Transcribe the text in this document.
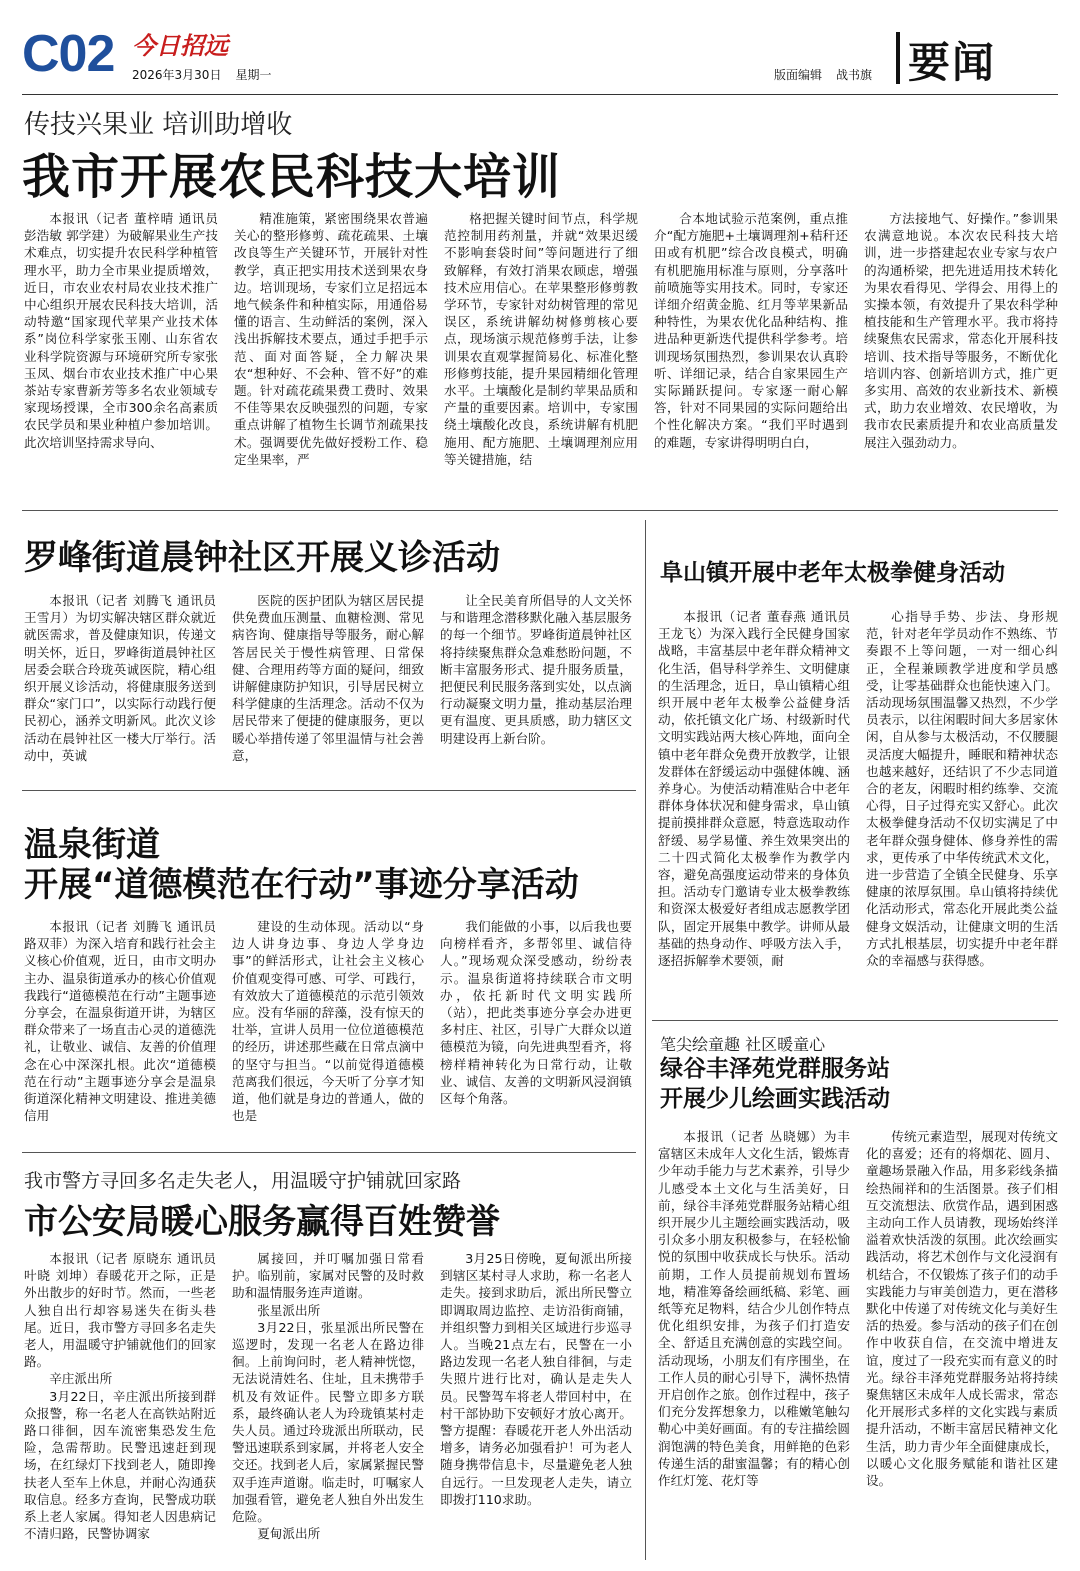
C02 今日招远
2026年3月30日 星期一	版面编辑 战书旗 要闻
传技兴果业 培训助增收
我市开展农民科技大培训

本报讯（记者 董梓晴 通讯员 彭浩敏 郭学建）为破解果业生产技术难点，切实提升农民科学种植管理水平，助力全市果业提质增效，近日，市农业农村局农业技术推广中心组织开展农民科技大培训，活动特邀“国家现代苹果产业技术体系”岗位科学家张玉刚、山东省农业科学院资源与环境研究所专家张玉凤、烟台市农业技术推广中心果茶站专家曹新芳等多名农业领域专家现场授课，全市300余名高素质农民学员和果业种植户参加培训。此次培训坚持需求导向、

精准施策，紧密围绕果农普遍关心的整形修剪、疏花疏果、土壤改良等生产关键环节，开展针对性教学，真正把实用技术送到果农身边。培训现场，专家们立足招远本地气候条件和种植实际，用通俗易懂的语言、生动鲜活的案例，深入浅出拆解技术要点，通过手把手示范、面对面答疑，全力解决果农“想种好、不会种、管不好”的难题。针对疏花疏果费工费时、效果不佳等果农反映强烈的问题，专家重点讲解了植物生长调节剂疏果技术。强调要优先做好授粉工作、稳定坐果率，严

格把握关键时间节点，科学规范控制用药剂量，并就“效果迟缓不影响套袋时间”等问题进行了细致解释，有效打消果农顾虑，增强技术应用信心。在苹果整形修剪教学环节，专家针对幼树管理的常见误区，系统讲解幼树修剪核心要点，现场演示规范修剪手法，让参训果农直观掌握简易化、标准化整形修剪技能，提升果园精细化管理水平。土壤酸化是制约苹果品质和产量的重要因素。培训中，专家围绕土壤酸化改良，系统讲解有机肥施用、配方施肥、土壤调理剂应用等关键措施，结

合本地试验示范案例，重点推介“配方施肥+土壤调理剂+秸秆还田或有机肥”综合改良模式，明确有机肥施用标准与原则，分享落叶前喷施等实用技术。同时，专家还详细介绍黄金脆、红月等苹果新品种特性，为果农优化品种结构、推进品种更新迭代提供科学参考。培训现场氛围热烈，参训果农认真聆听、详细记录，结合自家果园生产实际踊跃提问。专家逐一耐心解答，针对不同果园的实际问题给出个性化解决方案。“我们平时遇到的难题，专家讲得明明白白，

方法接地气、好操作。”参训果农满意地说。本次农民科技大培训，进一步搭建起农业专家与农户的沟通桥梁，把先进适用技术转化为果农看得见、学得会、用得上的实操本领，有效提升了果农科学种植技能和生产管理水平。我市将持续聚焦农民需求，常态化开展科技培训、技术指导等服务，不断优化培训内容、创新培训方式，推广更多实用、高效的农业新技术、新模式，助力农业增效、农民增收，为我市农民素质提升和农业高质量发展注入强劲动力。

罗峰街道晨钟社区开展义诊活动

本报讯（记者 刘腾飞 通讯员 王雪月）为切实解决辖区群众就近就医需求，普及健康知识，传递文明关怀，近日，罗峰街道晨钟社区居委会联合玲珑英诚医院，精心组织开展义诊活动，将健康服务送到群众“家门口”，以实际行动践行便民初心，涵养文明新风。此次义诊活动在晨钟社区一楼大厅举行。活动中，英诚

医院的医护团队为辖区居民提供免费血压测量、血糖检测、常见病咨询、健康指导等服务，耐心解答居民关于慢性病管理、日常保健、合理用药等方面的疑问，细致讲解健康防护知识，引导居民树立科学健康的生活理念。活动不仅为居民带来了便捷的健康服务，更以暖心举措传递了邻里温情与社会善意，

让全民美育所倡导的人文关怀与和谐理念潜移默化融入基层服务的每一个细节。罗峰街道晨钟社区将持续聚焦群众急难愁盼问题，不断丰富服务形式、提升服务质量，把便民利民服务落到实处，以点滴行动凝聚文明力量，推动基层治理更有温度、更具质感，助力辖区文明建设再上新台阶。

温泉街道
开展“道德模范在行动”事迹分享活动

本报讯（记者 刘腾飞 通讯员 路双菲）为深入培育和践行社会主义核心价值观，近日，由市文明办主办、温泉街道承办的核心价值观我践行“道德模范在行动”主题事迹分享会，在温泉街道开讲，为辖区群众带来了一场直击心灵的道德洗礼，让敬业、诚信、友善的价值理念在心中深深扎根。此次“道德模范在行动”主题事迹分享会是温泉街道深化精神文明建设、推进美德信用

建设的生动体现。活动以“身边人讲身边事、身边人学身边事”的鲜活形式，让社会主义核心价值观变得可感、可学、可践行，有效放大了道德模范的示范引领效应。没有华丽的辞藻，没有惊天的壮举，宣讲人员用一位位道德模范的经历，讲述那些藏在日常点滴中的坚守与担当。“以前觉得道德模范离我们很远，今天听了分享才知道，他们就是身边的普通人，做的也是

我们能做的小事，以后我也要向榜样看齐，多帮邻里、诚信待人。”现场观众深受感动，纷纷表示。温泉街道将持续联合市文明办，依托新时代文明实践所（站），把此类事迹分享会办进更多村庄、社区，引导广大群众以道德模范为镜，向先进典型看齐，将榜样精神转化为日常行动，让敬业、诚信、友善的文明新风浸润镇区每个角落。

我市警方寻回多名走失老人，用温暖守护铺就回家路
市公安局暖心服务赢得百姓赞誉

本报讯（记者 原晓东 通讯员 叶晓 刘坤）春暖花开之际，正是外出散步的好时节。然而，一些老人独自出行却容易迷失在街头巷尾。近日，我市警方寻回多名走失老人，用温暖守护铺就他们的回家路。

辛庄派出所

3月22日，辛庄派出所接到群众报警，称一名老人在高铁站附近路口徘徊，因车流密集恐发生危险，急需帮助。民警迅速赶到现场，在红绿灯下找到老人，随即搀扶老人至车上休息，并耐心沟通获取信息。经多方查询，民警成功联系上老人家属。得知老人因患病记不清归路，民警协调家

属接回，并叮嘱加强日常看护。临别前，家属对民警的及时救助和温情服务连声道谢。

张星派出所

3月22日，张星派出所民警在巡逻时，发现一名老人在路边徘徊。上前询问时，老人精神恍惚，无法说清姓名、住址，且未携带手机及有效证件。民警立即多方联系，最终确认老人为玲珑镇某村走失人员。通过玲珑派出所联动，民警迅速联系到家属，并将老人安全交还。找到老人后，家属紧握民警双手连声道谢。临走时，叮嘱家人加强看管，避免老人独自外出发生危险。

夏甸派出所

3月25日傍晚，夏甸派出所接到辖区某村寻人求助，称一名老人走失。接到求助后，派出所民警立即调取周边监控、走访沿街商铺，并组织警力到相关区域进行步巡寻人。当晚21点左右，民警在一小路边发现一名老人独自徘徊，与走失照片进行比对，确认是走失人员。民警驾车将老人带回村中，在村干部协助下安顿好才放心离开。警方提醒：春暖花开老人外出活动增多，请务必加强看护！可为老人随身携带信息卡，尽量避免老人独自远行。一旦发现老人走失，请立即拨打110求助。

阜山镇开展中老年太极拳健身活动

本报讯（记者 董春燕 通讯员 王龙飞）为深入践行全民健身国家战略，丰富基层中老年群众精神文化生活，倡导科学养生、文明健康的生活理念，近日，阜山镇精心组织开展中老年太极拳公益健身活动，依托镇文化广场、村级新时代文明实践站两大核心阵地，面向全镇中老年群众免费开放教学，让银发群体在舒缓运动中强健体魄、涵养身心。为使活动精准贴合中老年群体身体状况和健身需求，阜山镇提前摸排群众意愿，特意选取动作舒缓、易学易懂、养生效果突出的二十四式简化太极拳作为教学内容，避免高强度运动带来的身体负担。活动专门邀请专业太极拳教练和资深太极爱好者组成志愿教学团队，固定开展集中教学。讲师从最基础的热身动作、呼吸方法入手，逐招拆解拳术要领，耐

心指导手势、步法、身形规范，针对老年学员动作不熟练、节奏跟不上等问题，一对一细心纠正，全程兼顾教学进度和学员感受，让零基础群众也能快速入门。活动现场氛围温馨又热烈，不少学员表示，以往闲暇时间大多居家休闲，自从参与太极活动，不仅腰腿灵活度大幅提升，睡眠和精神状态也越来越好，还结识了不少志同道合的老友，闲暇时相约练拳、交流心得，日子过得充实又舒心。此次太极拳健身活动不仅切实满足了中老年群众强身健体、修身养性的需求，更传承了中华传统武术文化，进一步营造了全镇全民健身、乐享健康的浓厚氛围。阜山镇将持续优化活动形式，常态化开展此类公益健身文娱活动，让健康文明的生活方式扎根基层，切实提升中老年群众的幸福感与获得感。

笔尖绘童趣 社区暖童心
绿谷丰泽苑党群服务站
开展少儿绘画实践活动

本报讯（记者 丛晓娜）为丰富辖区未成年人文化生活，锻炼青少年动手能力与艺术素养，引导少儿感受本土文化与生活美好，日前，绿谷丰泽苑党群服务站精心组织开展少儿主题绘画实践活动，吸引众多小朋友积极参与，在轻松愉悦的氛围中收获成长与快乐。活动前期，工作人员提前规划布置场地，精准筹备绘画纸稿、彩笔、画纸等充足物料，结合少儿创作特点优化组织安排，为孩子们打造安全、舒适且充满创意的实践空间。活动现场，小朋友们有序围坐，在工作人员的耐心引导下，满怀热情开启创作之旅。创作过程中，孩子们充分发挥想象力，以稚嫩笔触勾勒心中美好画面。有的专注描绘圆润饱满的特色美食，用鲜艳的色彩传递生活的甜蜜温馨；有的精心创作红灯笼、花灯等

传统元素造型，展现对传统文化的喜爱；还有的将烟花、圆月、童趣场景融入作品，用多彩线条描绘热闹祥和的生活图景。孩子们相互交流想法、欣赏作品，遇到困惑主动向工作人员请教，现场始终洋溢着欢快活泼的氛围。此次绘画实践活动，将艺术创作与文化浸润有机结合，不仅锻炼了孩子们的动手实践能力与审美创造力，更在潜移默化中传递了对传统文化与美好生活的热爱。参与活动的孩子们在创作中收获自信，在交流中增进友谊，度过了一段充实而有意义的时光。绿谷丰泽苑党群服务站将持续聚焦辖区未成年人成长需求，常态化开展形式多样的文化实践与素质提升活动，不断丰富居民精神文化生活，助力青少年全面健康成长，以暖心文化服务赋能和谐社区建设。
